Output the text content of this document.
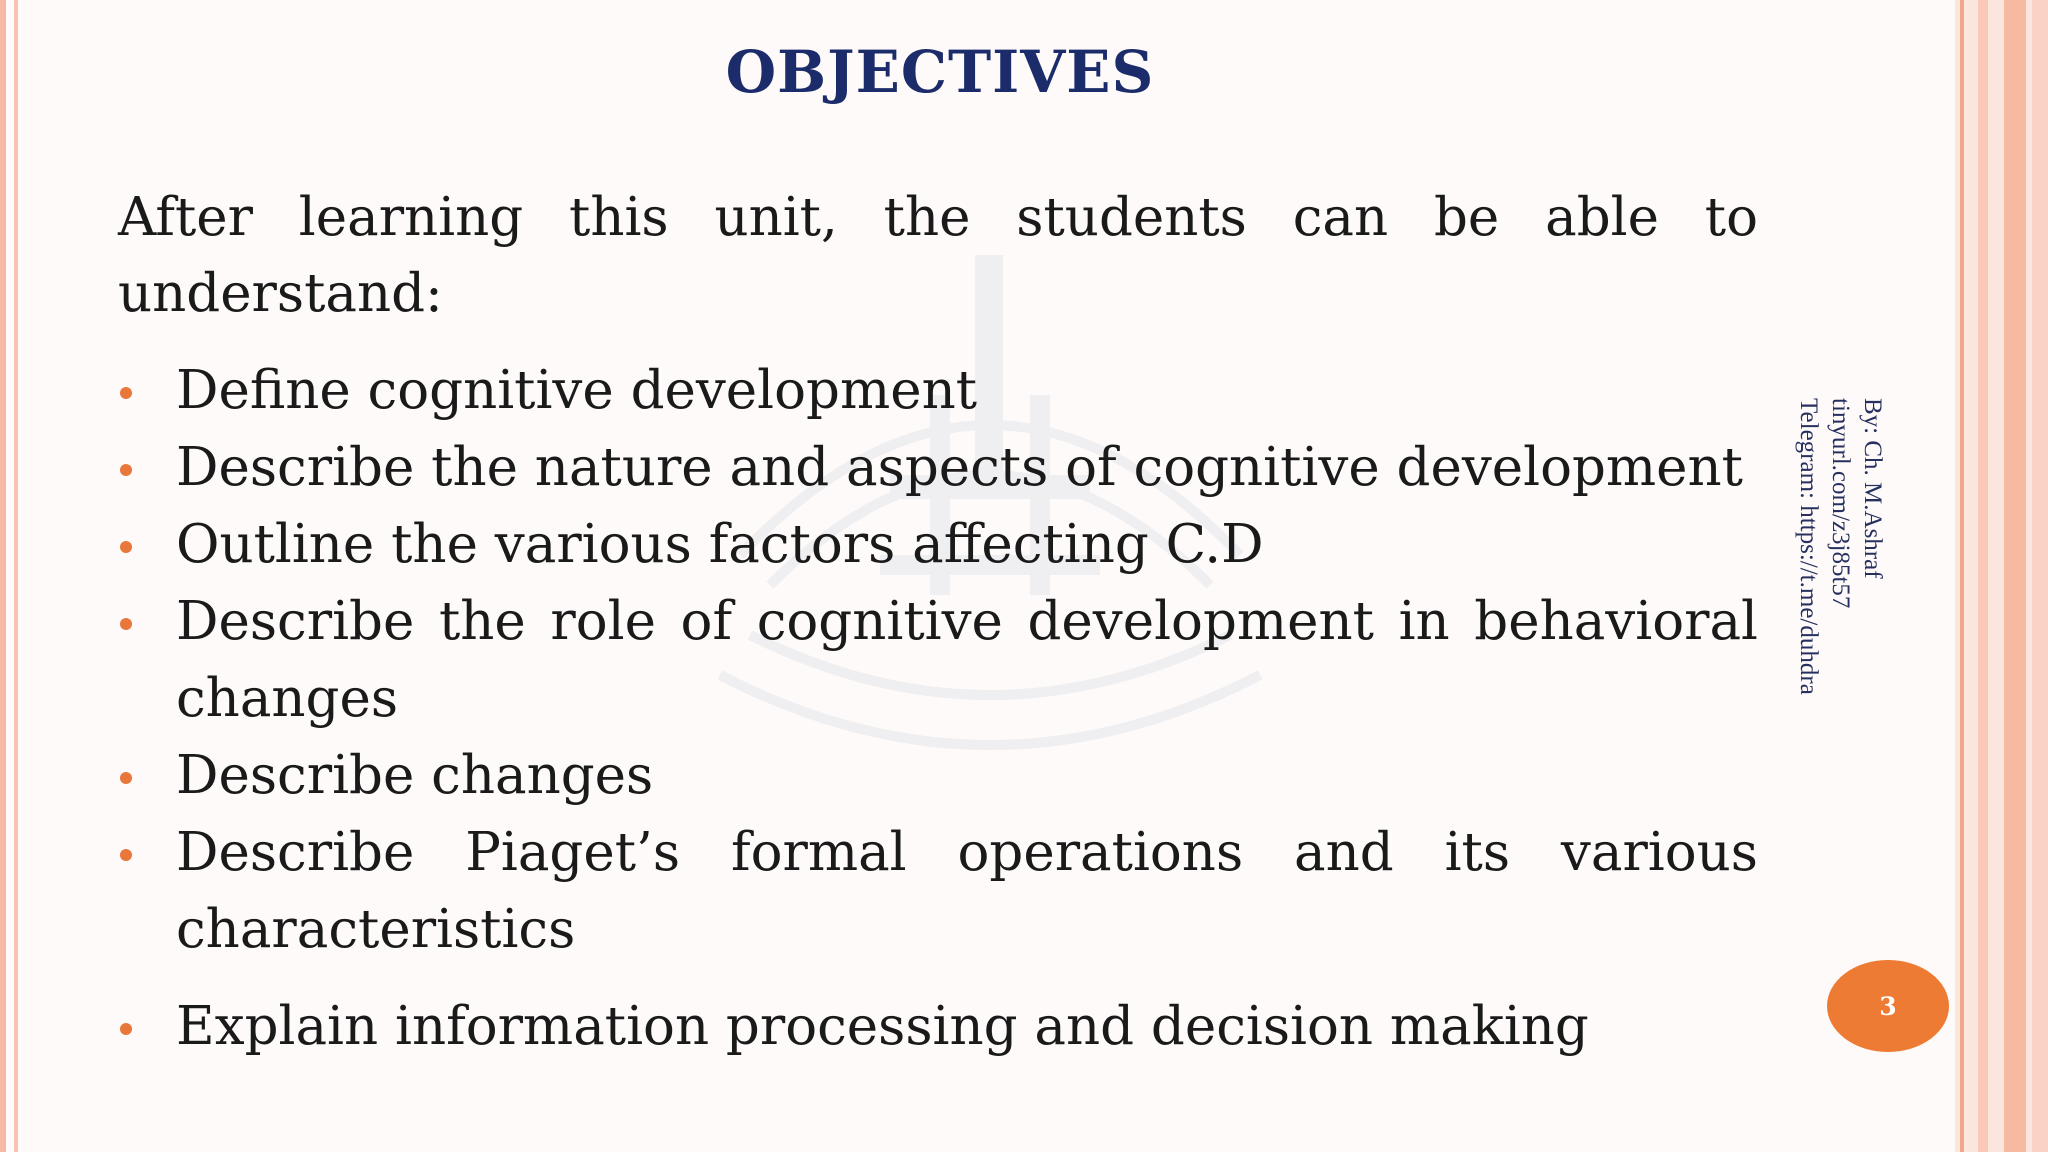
OBJECTIVES
After learning this unit, the students can be able to
understand:
Define cognitive development
Describe the nature and aspects of cognitive development
Outline the various factors affecting C.D
Describe the role of cognitive development in behavioral
changes
Describe changes
Describe Piaget’s formal operations and its various
characteristics
Explain information processing and decision making
By: Ch. M.Ashraf
tinyurl.com/z3j85t57
Telegram: https://t.me/duhdra
3
